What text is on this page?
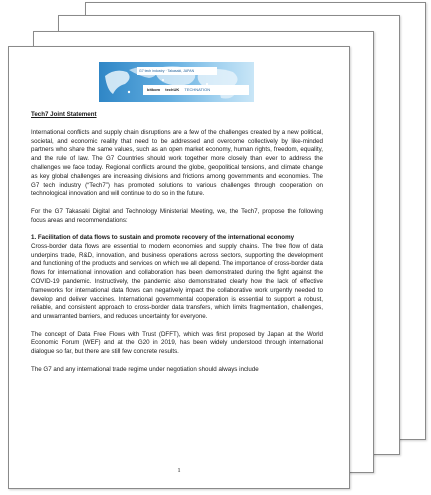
G7 tech industry · Takasaki, JAPAN
bitkom techUK TECHNATION

Tech7 Joint Statement

International conflicts and supply chain disruptions are a few of the challenges created by a new political, societal, and economic reality that need to be addressed and overcome collectively by like-minded partners who share the same values, such as an open market economy, human rights, freedom, equality, and the rule of law. The G7 Countries should work together more closely than ever to address the challenges we face today. Regional conflicts around the globe, geopolitical tensions, and climate change as key global challenges are increasing divisions and frictions among governments and economies. The G7 tech industry (“Tech7”) has promoted solutions to various challenges through cooperation on technological innovation and will continue to do so in the future.

For the G7 Takasaki Digital and Technology Ministerial Meeting, we, the Tech7, propose the following focus areas and recommendations:

1. Facilitation of data flows to sustain and promote recovery of the international economy

Cross-border data flows are essential to modern economies and supply chains. The free flow of data underpins trade, R&D, innovation, and business operations across sectors, supporting the development and functioning of the products and services on which we all depend. The importance of cross-border data flows for international innovation and collaboration has been demonstrated during the fight against the COVID-19 pandemic. Instructively, the pandemic also demonstrated clearly how the lack of effective frameworks for international data flows can negatively impact the collaborative work urgently needed to develop and deliver vaccines. International governmental cooperation is essential to support a robust, reliable, and consistent approach to cross-border data transfers, which limits fragmentation, challenges, and unwarranted barriers, and reduces uncertainty for everyone.

The concept of Data Free Flows with Trust (DFFT), which was first proposed by Japan at the World Economic Forum (WEF) and at the G20 in 2019, has been widely understood through international dialogue so far, but there are still few concrete results.

The G7 and any international trade regime under negotiation should always include

1
